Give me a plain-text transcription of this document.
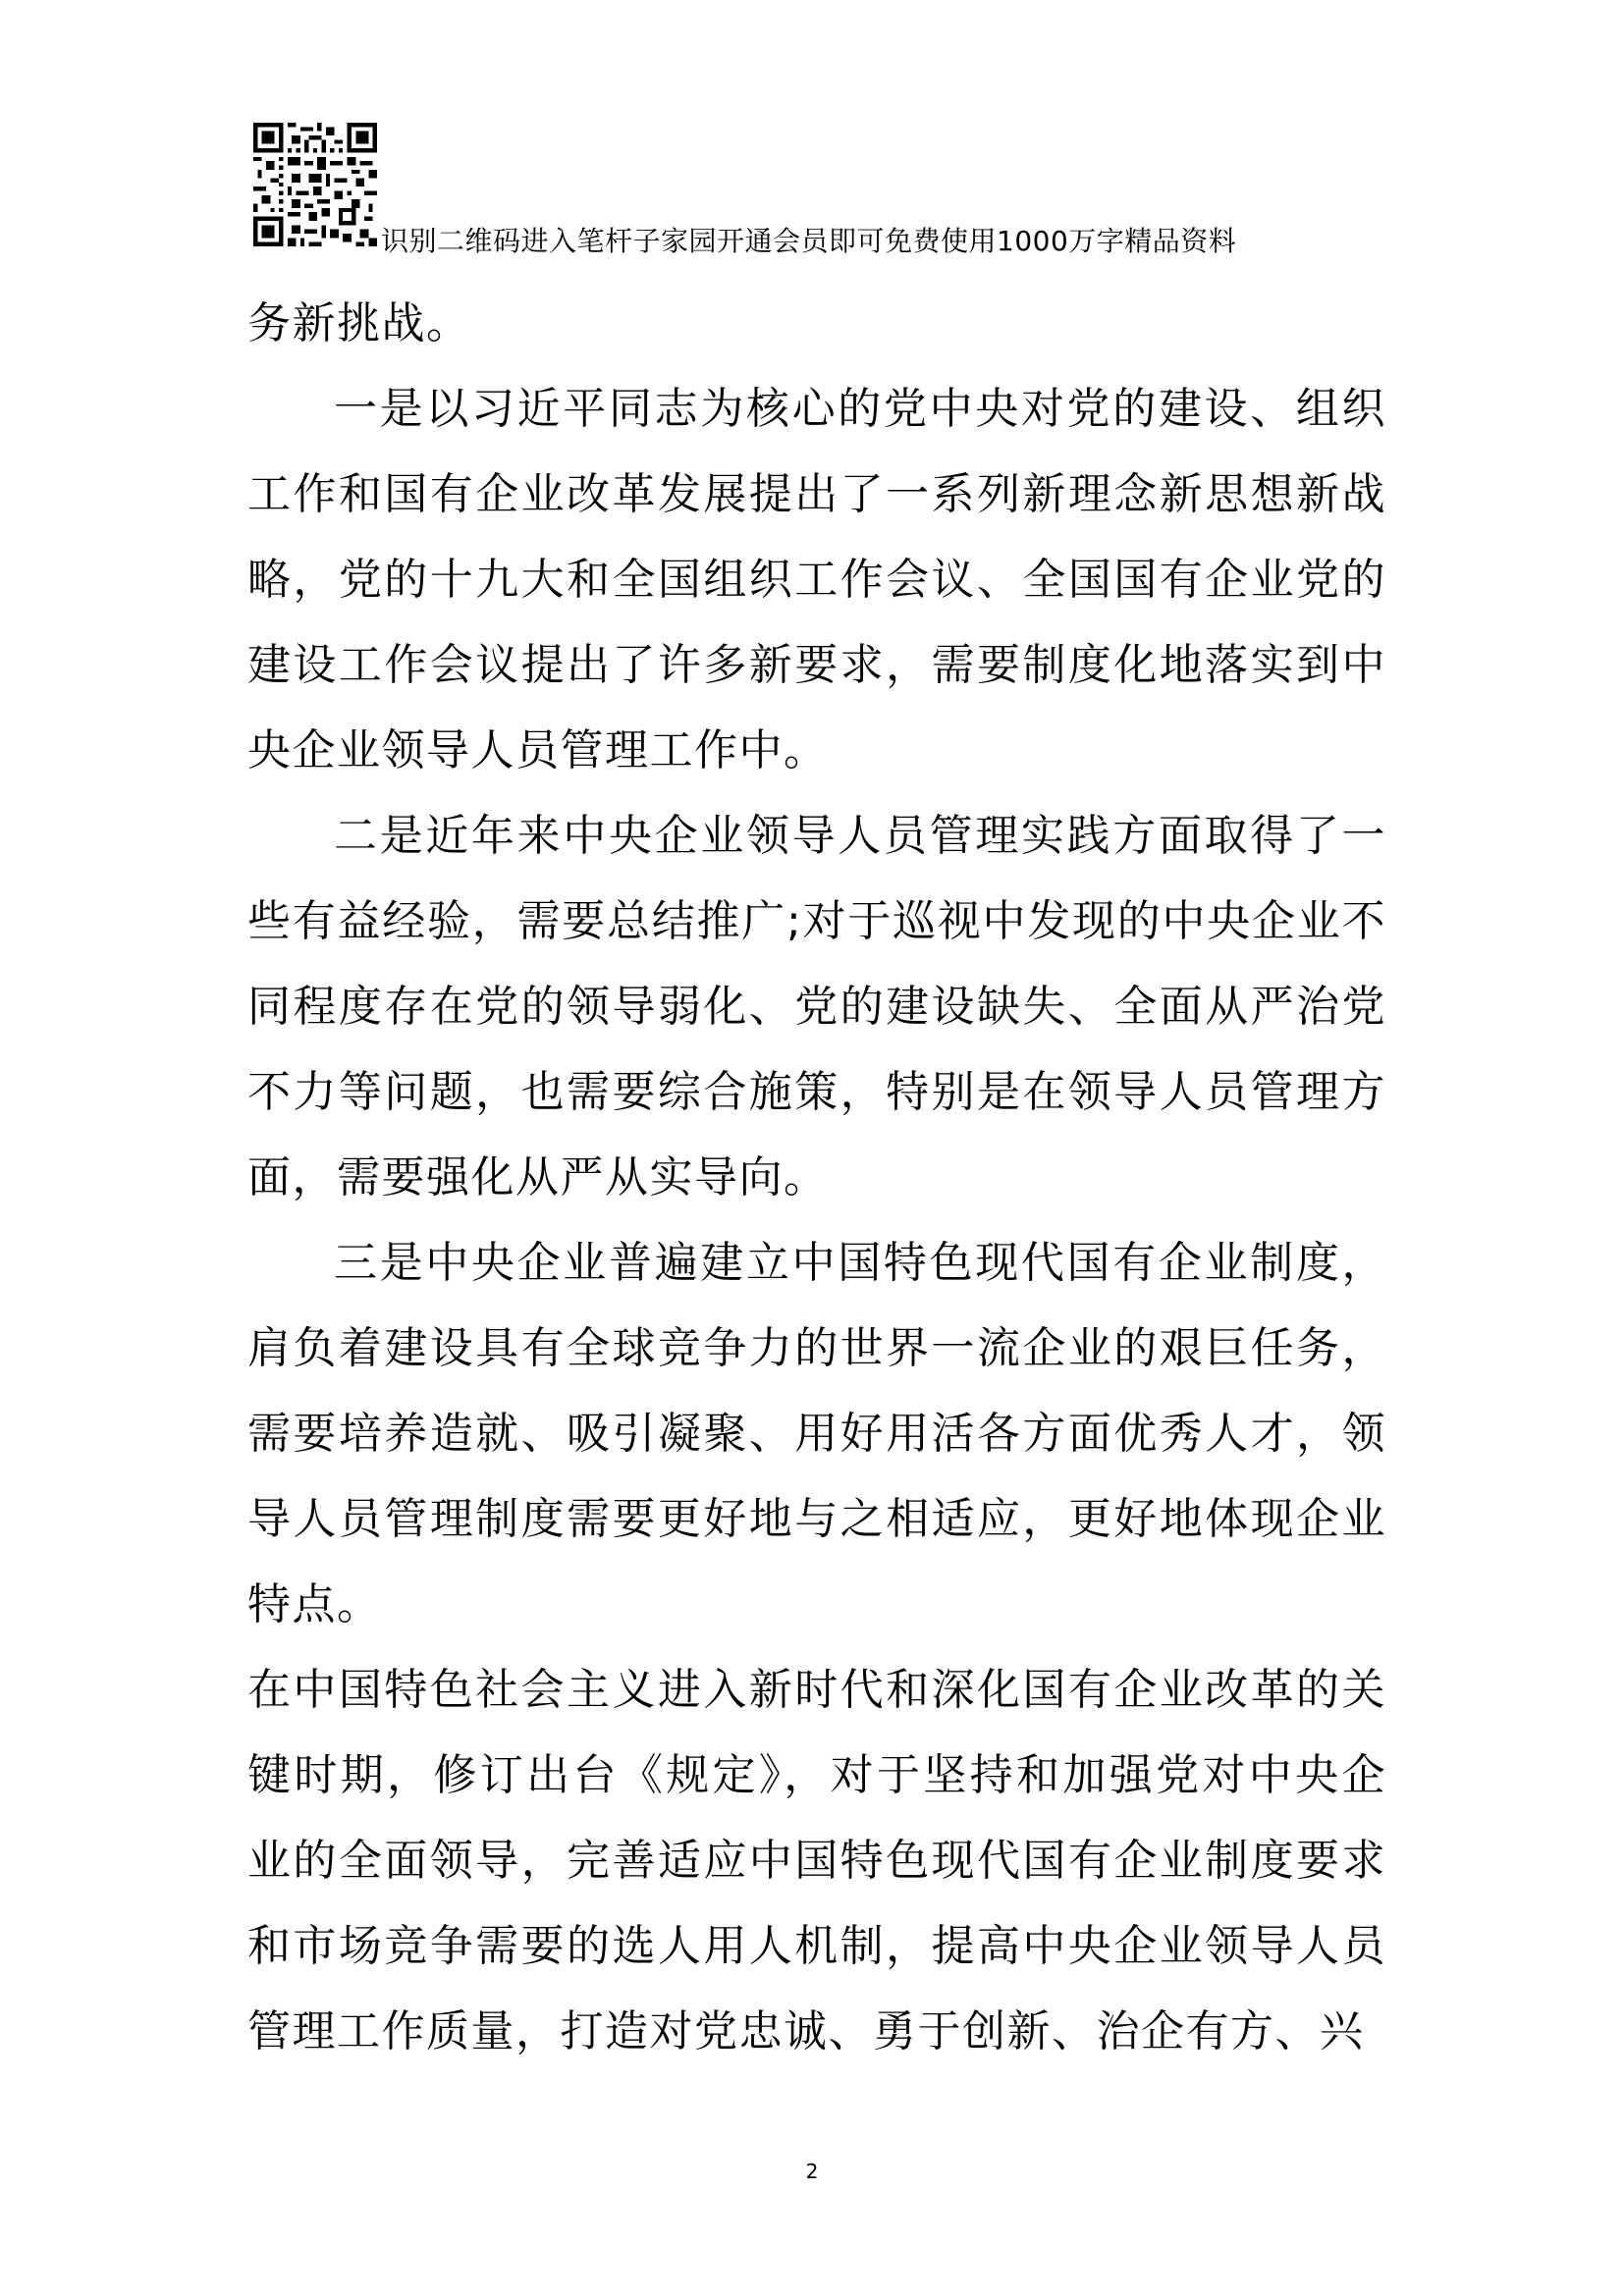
识别二维码进入笔杆子家园开通会员即可免费使用1000万字精品资料

务新挑战。

一是以习近平同志为核心的党中央对党的建设、组织工作和国有企业改革发展提出了一系列新理念新思想新战略，党的十九大和全国组织工作会议、全国国有企业党的建设工作会议提出了许多新要求，需要制度化地落实到中央企业领导人员管理工作中。

二是近年来中央企业领导人员管理实践方面取得了一些有益经验，需要总结推广;对于巡视中发现的中央企业不同程度存在党的领导弱化、党的建设缺失、全面从严治党不力等问题，也需要综合施策，特别是在领导人员管理方面，需要强化从严从实导向。

三是中央企业普遍建立中国特色现代国有企业制度，肩负着建设具有全球竞争力的世界一流企业的艰巨任务，需要培养造就、吸引凝聚、用好用活各方面优秀人才，领导人员管理制度需要更好地与之相适应，更好地体现企业特点。

在中国特色社会主义进入新时代和深化国有企业改革的关键时期，修订出台《规定》，对于坚持和加强党对中央企业的全面领导，完善适应中国特色现代国有企业制度要求和市场竞争需要的选人用人机制，提高中央企业领导人员管理工作质量，打造对党忠诚、勇于创新、治企有方、兴

2
